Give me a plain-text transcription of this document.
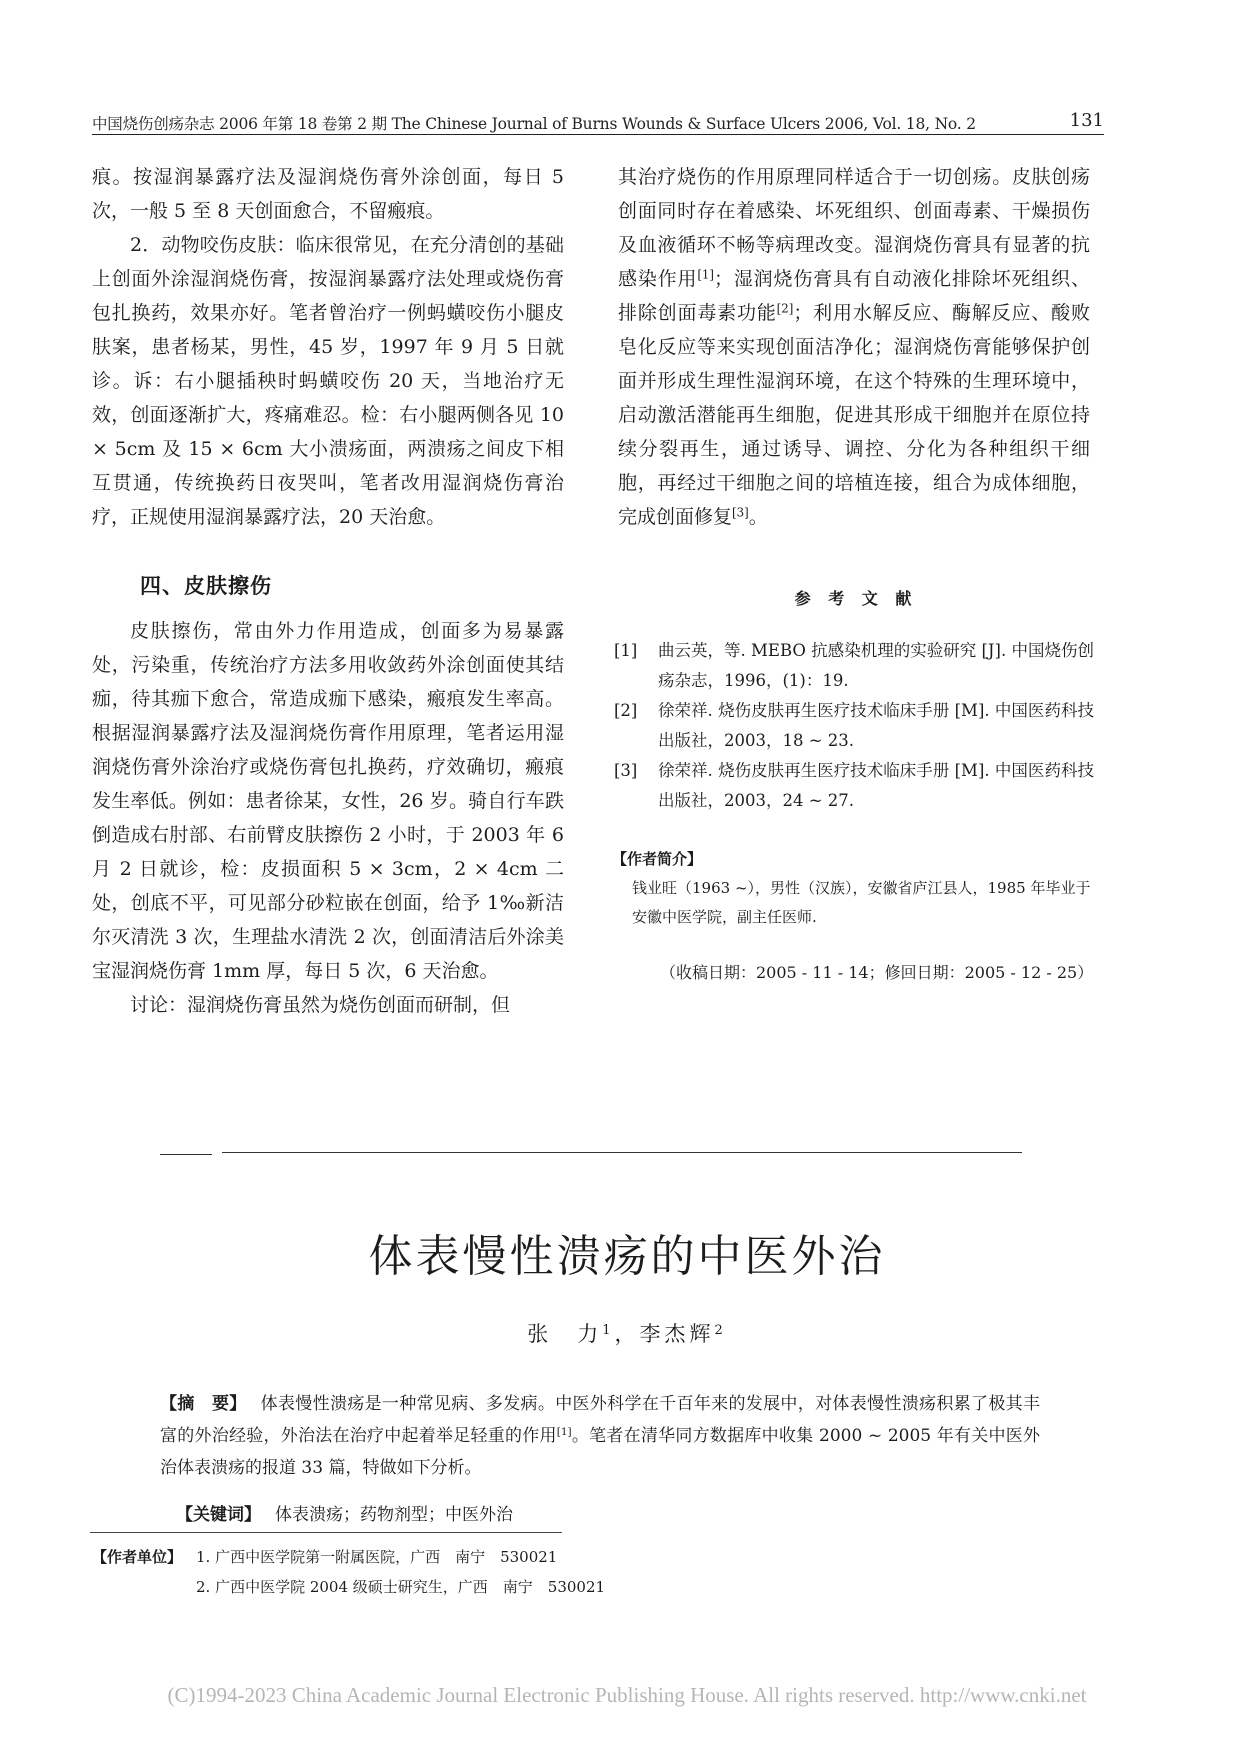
中国烧伤创疡杂志 2006 年第 18 卷第 2 期 The Chinese Journal of Burns Wounds & Surface Ulcers 2006, Vol. 18, No. 2	131

痕。按湿润暴露疗法及湿润烧伤膏外涂创面，每日 5 次，一般 5 至 8 天创面愈合，不留瘢痕。

2．动物咬伤皮肤：临床很常见，在充分清创的基础上创面外涂湿润烧伤膏，按湿润暴露疗法处理或烧伤膏包扎换药，效果亦好。笔者曾治疗一例蚂蟥咬伤小腿皮肤案，患者杨某，男性，45 岁，1997 年 9 月 5 日就诊。诉：右小腿插秧时蚂蟥咬伤 20 天，当地治疗无效，创面逐渐扩大，疼痛难忍。检：右小腿两侧各见 10 × 5cm 及 15 × 6cm 大小溃疡面，两溃疡之间皮下相互贯通，传统换药日夜哭叫，笔者改用湿润烧伤膏治疗，正规使用湿润暴露疗法，20 天治愈。

四、皮肤擦伤

皮肤擦伤，常由外力作用造成，创面多为易暴露处，污染重，传统治疗方法多用收敛药外涂创面使其结痂，待其痂下愈合，常造成痂下感染，瘢痕发生率高。根据湿润暴露疗法及湿润烧伤膏作用原理，笔者运用湿润烧伤膏外涂治疗或烧伤膏包扎换药，疗效确切，瘢痕发生率低。例如：患者徐某，女性，26 岁。骑自行车跌倒造成右肘部、右前臂皮肤擦伤 2 小时，于 2003 年 6 月 2 日就诊，检：皮损面积 5 × 3cm，2 × 4cm 二处，创底不平，可见部分砂粒嵌在创面，给予 1‰新洁尔灭清洗 3 次，生理盐水清洗 2 次，创面清洁后外涂美宝湿润烧伤膏 1mm 厚，每日 5 次，6 天治愈。

讨论：湿润烧伤膏虽然为烧伤创面而研制，但

其治疗烧伤的作用原理同样适合于一切创疡。皮肤创疡创面同时存在着感染、坏死组织、创面毒素、干燥损伤及血液循环不畅等病理改变。湿润烧伤膏具有显著的抗感染作用[1]；湿润烧伤膏具有自动液化排除坏死组织、排除创面毒素功能[2]；利用水解反应、酶解反应、酸败皂化反应等来实现创面洁净化；湿润烧伤膏能够保护创面并形成生理性湿润环境，在这个特殊的生理环境中，启动激活潜能再生细胞，促进其形成干细胞并在原位持续分裂再生，通过诱导、调控、分化为各种组织干细胞，再经过干细胞之间的培植连接，组合为成体细胞，完成创面修复[3]。

参 考 文 献
[1]	曲云英，等. MEBO 抗感染机理的实验研究 [J]. 中国烧伤创疡杂志，1996，(1)：19.
[2]	徐荣祥. 烧伤皮肤再生医疗技术临床手册 [M]. 中国医药科技出版社，2003，18 ~ 23.
[3]	徐荣祥. 烧伤皮肤再生医疗技术临床手册 [M]. 中国医药科技出版社，2003，24 ~ 27.
【作者简介】
钱业旺（1963 ~），男性（汉族），安徽省庐江县人，1985 年毕业于安徽中医学院，副主任医师.
（收稿日期：2005 - 11 - 14；修回日期：2005 - 12 - 25）
体表慢性溃疡的中医外治
张　力$^1$，李杰辉$^2$
【摘　要】 体表慢性溃疡是一种常见病、多发病。中医外科学在千百年来的发展中，对体表慢性溃疡积累了极其丰富的外治经验，外治法在治疗中起着举足轻重的作用[1]。笔者在清华同方数据库中收集 2000 ~ 2005 年有关中医外治体表溃疡的报道 33 篇，特做如下分析。
【关键词】 体表溃疡；药物剂型；中医外治
【作者单位】 1. 广西中医学院第一附属医院，广西　南宁　530021
2. 广西中医学院 2004 级硕士研究生，广西　南宁　530021
(C)1994-2023 China Academic Journal Electronic Publishing House. All rights reserved. http://www.cnki.net
